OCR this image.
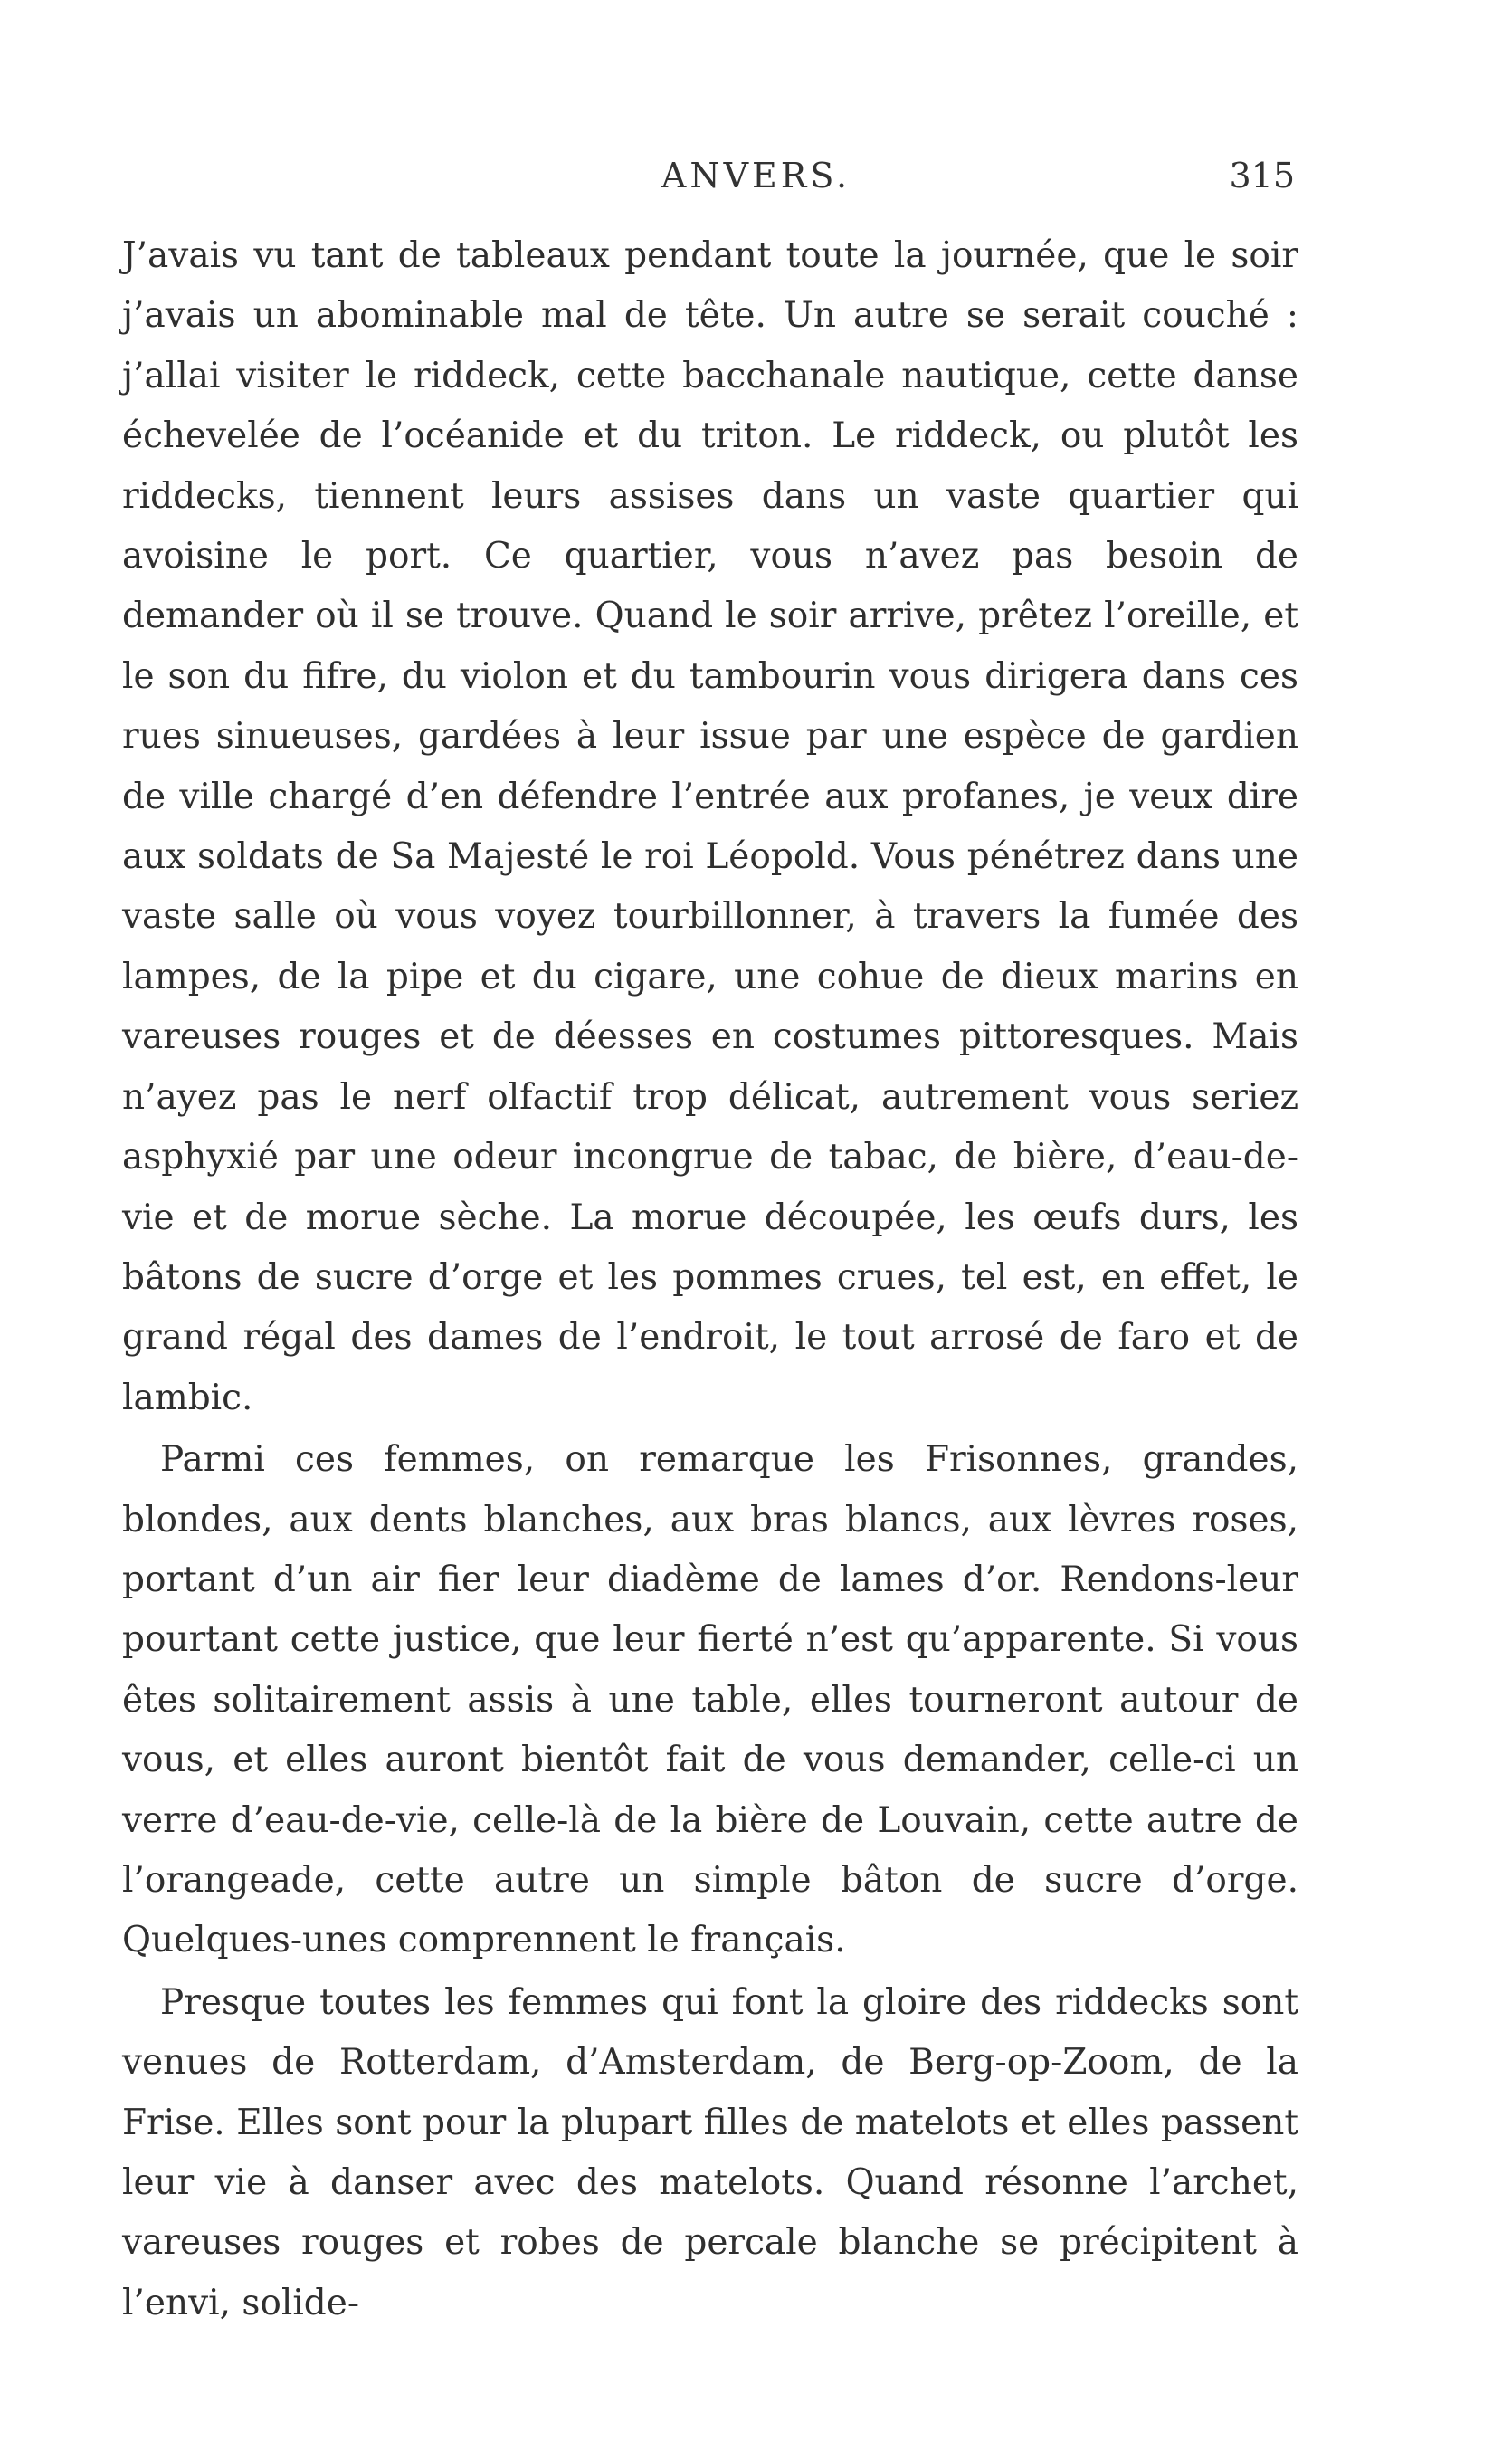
ANVERS.	315

J’avais vu tant de tableaux pendant toute la journée, que le soir j’avais un abominable mal de tête. Un autre se serait couché : j’allai visiter le riddeck, cette bacchanale nautique, cette danse échevelée de l’océanide et du triton. Le riddeck, ou plutôt les riddecks, tiennent leurs assises dans un vaste quartier qui avoisine le port. Ce quartier, vous n’avez pas besoin de demander où il se trouve. Quand le soir arrive, prêtez l’oreille, et le son du fifre, du violon et du tambourin vous dirigera dans ces rues sinueuses, gardées à leur issue par une espèce de gardien de ville chargé d’en défendre l’entrée aux profanes, je veux dire aux soldats de Sa Majesté le roi Léopold. Vous pénétrez dans une vaste salle où vous voyez tourbillonner, à travers la fumée des lampes, de la pipe et du cigare, une cohue de dieux marins en vareuses rouges et de déesses en costumes pittoresques. Mais n’ayez pas le nerf olfactif trop délicat, autrement vous seriez asphyxié par une odeur incongrue de tabac, de bière, d’eau-de-vie et de morue sèche. La morue découpée, les œufs durs, les bâtons de sucre d’orge et les pommes crues, tel est, en effet, le grand régal des dames de l’endroit, le tout arrosé de faro et de lambic.

Parmi ces femmes, on remarque les Frisonnes, grandes, blondes, aux dents blanches, aux bras blancs, aux lèvres roses, portant d’un air fier leur diadème de lames d’or. Rendons-leur pourtant cette justice, que leur fierté n’est qu’apparente. Si vous êtes solitairement assis à une table, elles tourneront autour de vous, et elles auront bientôt fait de vous demander, celle-ci un verre d’eau-de-vie, celle-là de la bière de Louvain, cette autre de l’orangeade, cette autre un simple bâton de sucre d’orge. Quelques-unes comprennent le français.

Presque toutes les femmes qui font la gloire des riddecks sont venues de Rotterdam, d’Amsterdam, de Berg-op-Zoom, de la Frise. Elles sont pour la plupart filles de matelots et elles passent leur vie à danser avec des matelots. Quand résonne l’archet, vareuses rouges et robes de percale blanche se précipitent à l’envi, solide-
